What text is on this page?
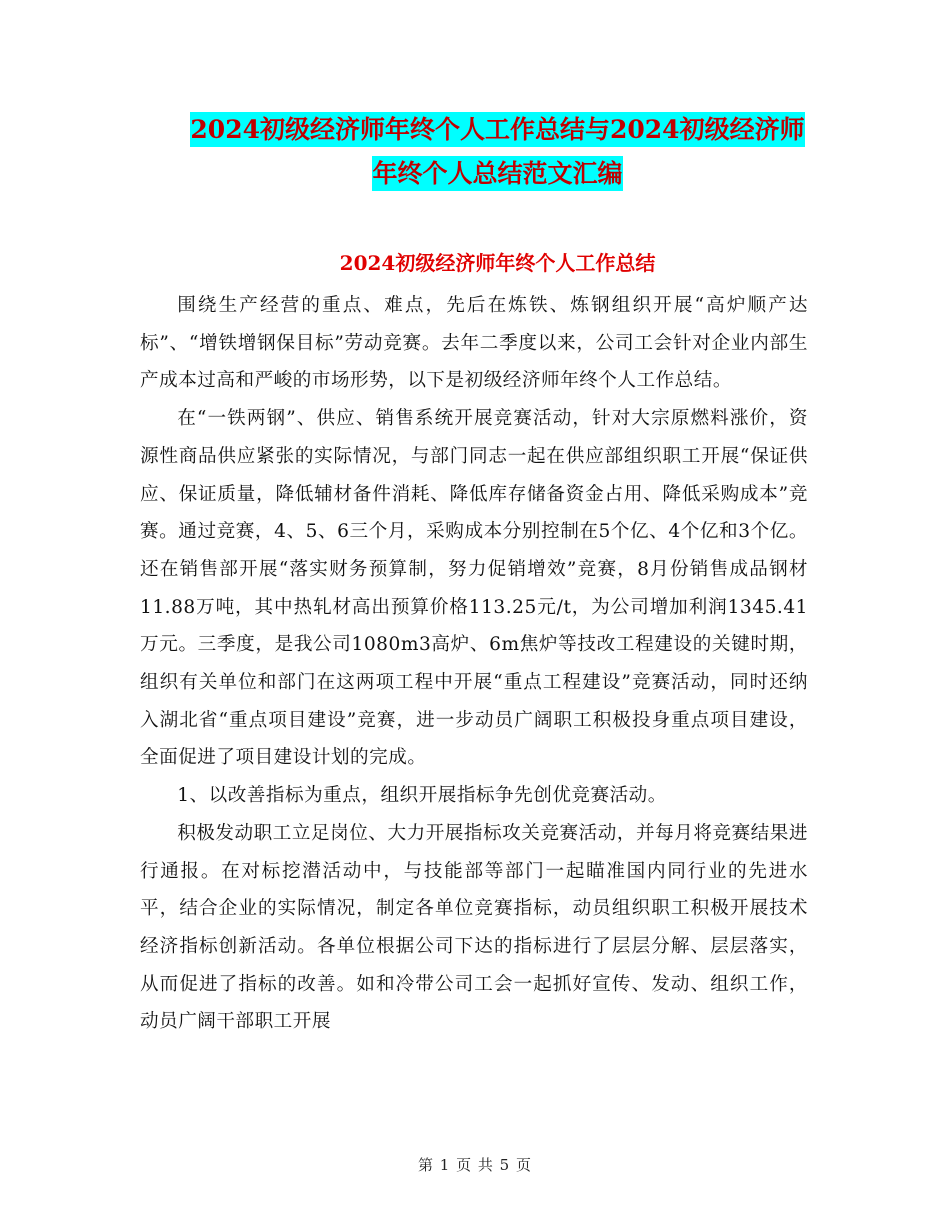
2024初级经济师年终个人工作总结与2024初级经济师
年终个人总结范文汇编
2024初级经济师年终个人工作总结

围绕生产经营的重点、难点，先后在炼铁、炼钢组织开展“高炉顺产达标”、“增铁增钢保目标”劳动竞赛。去年二季度以来，公司工会针对企业内部生产成本过高和严峻的市场形势，以下是初级经济师年终个人工作总结。

在“一铁两钢”、供应、销售系统开展竞赛活动，针对大宗原燃料涨价，资源性商品供应紧张的实际情况，与部门同志一起在供应部组织职工开展“保证供应、保证质量，降低辅材备件消耗、降低库存储备资金占用、降低采购成本”竞赛。通过竞赛，4、5、6三个月，采购成本分别控制在5个亿、4个亿和3个亿。还在销售部开展“落实财务预算制，努力促销增效”竞赛，8月份销售成品钢材11.88万吨，其中热轧材高出预算价格113.25元/t，为公司增加利润1345.41万元。三季度，是我公司1080m3高炉、6m焦炉等技改工程建设的关键时期，组织有关单位和部门在这两项工程中开展“重点工程建设”竞赛活动，同时还纳入湖北省“重点项目建设”竞赛，进一步动员广阔职工积极投身重点项目建设，全面促进了项目建设计划的完成。

1、以改善指标为重点，组织开展指标争先创优竞赛活动。

积极发动职工立足岗位、大力开展指标攻关竞赛活动，并每月将竞赛结果进行通报。在对标挖潜活动中，与技能部等部门一起瞄准国内同行业的先进水平，结合企业的实际情况，制定各单位竞赛指标，动员组织职工积极开展技术经济指标创新活动。各单位根据公司下达的指标进行了层层分解、层层落实，从而促进了指标的改善。如和冷带公司工会一起抓好宣传、发动、组织工作，动员广阔干部职工开展

第 1 页 共 5 页
